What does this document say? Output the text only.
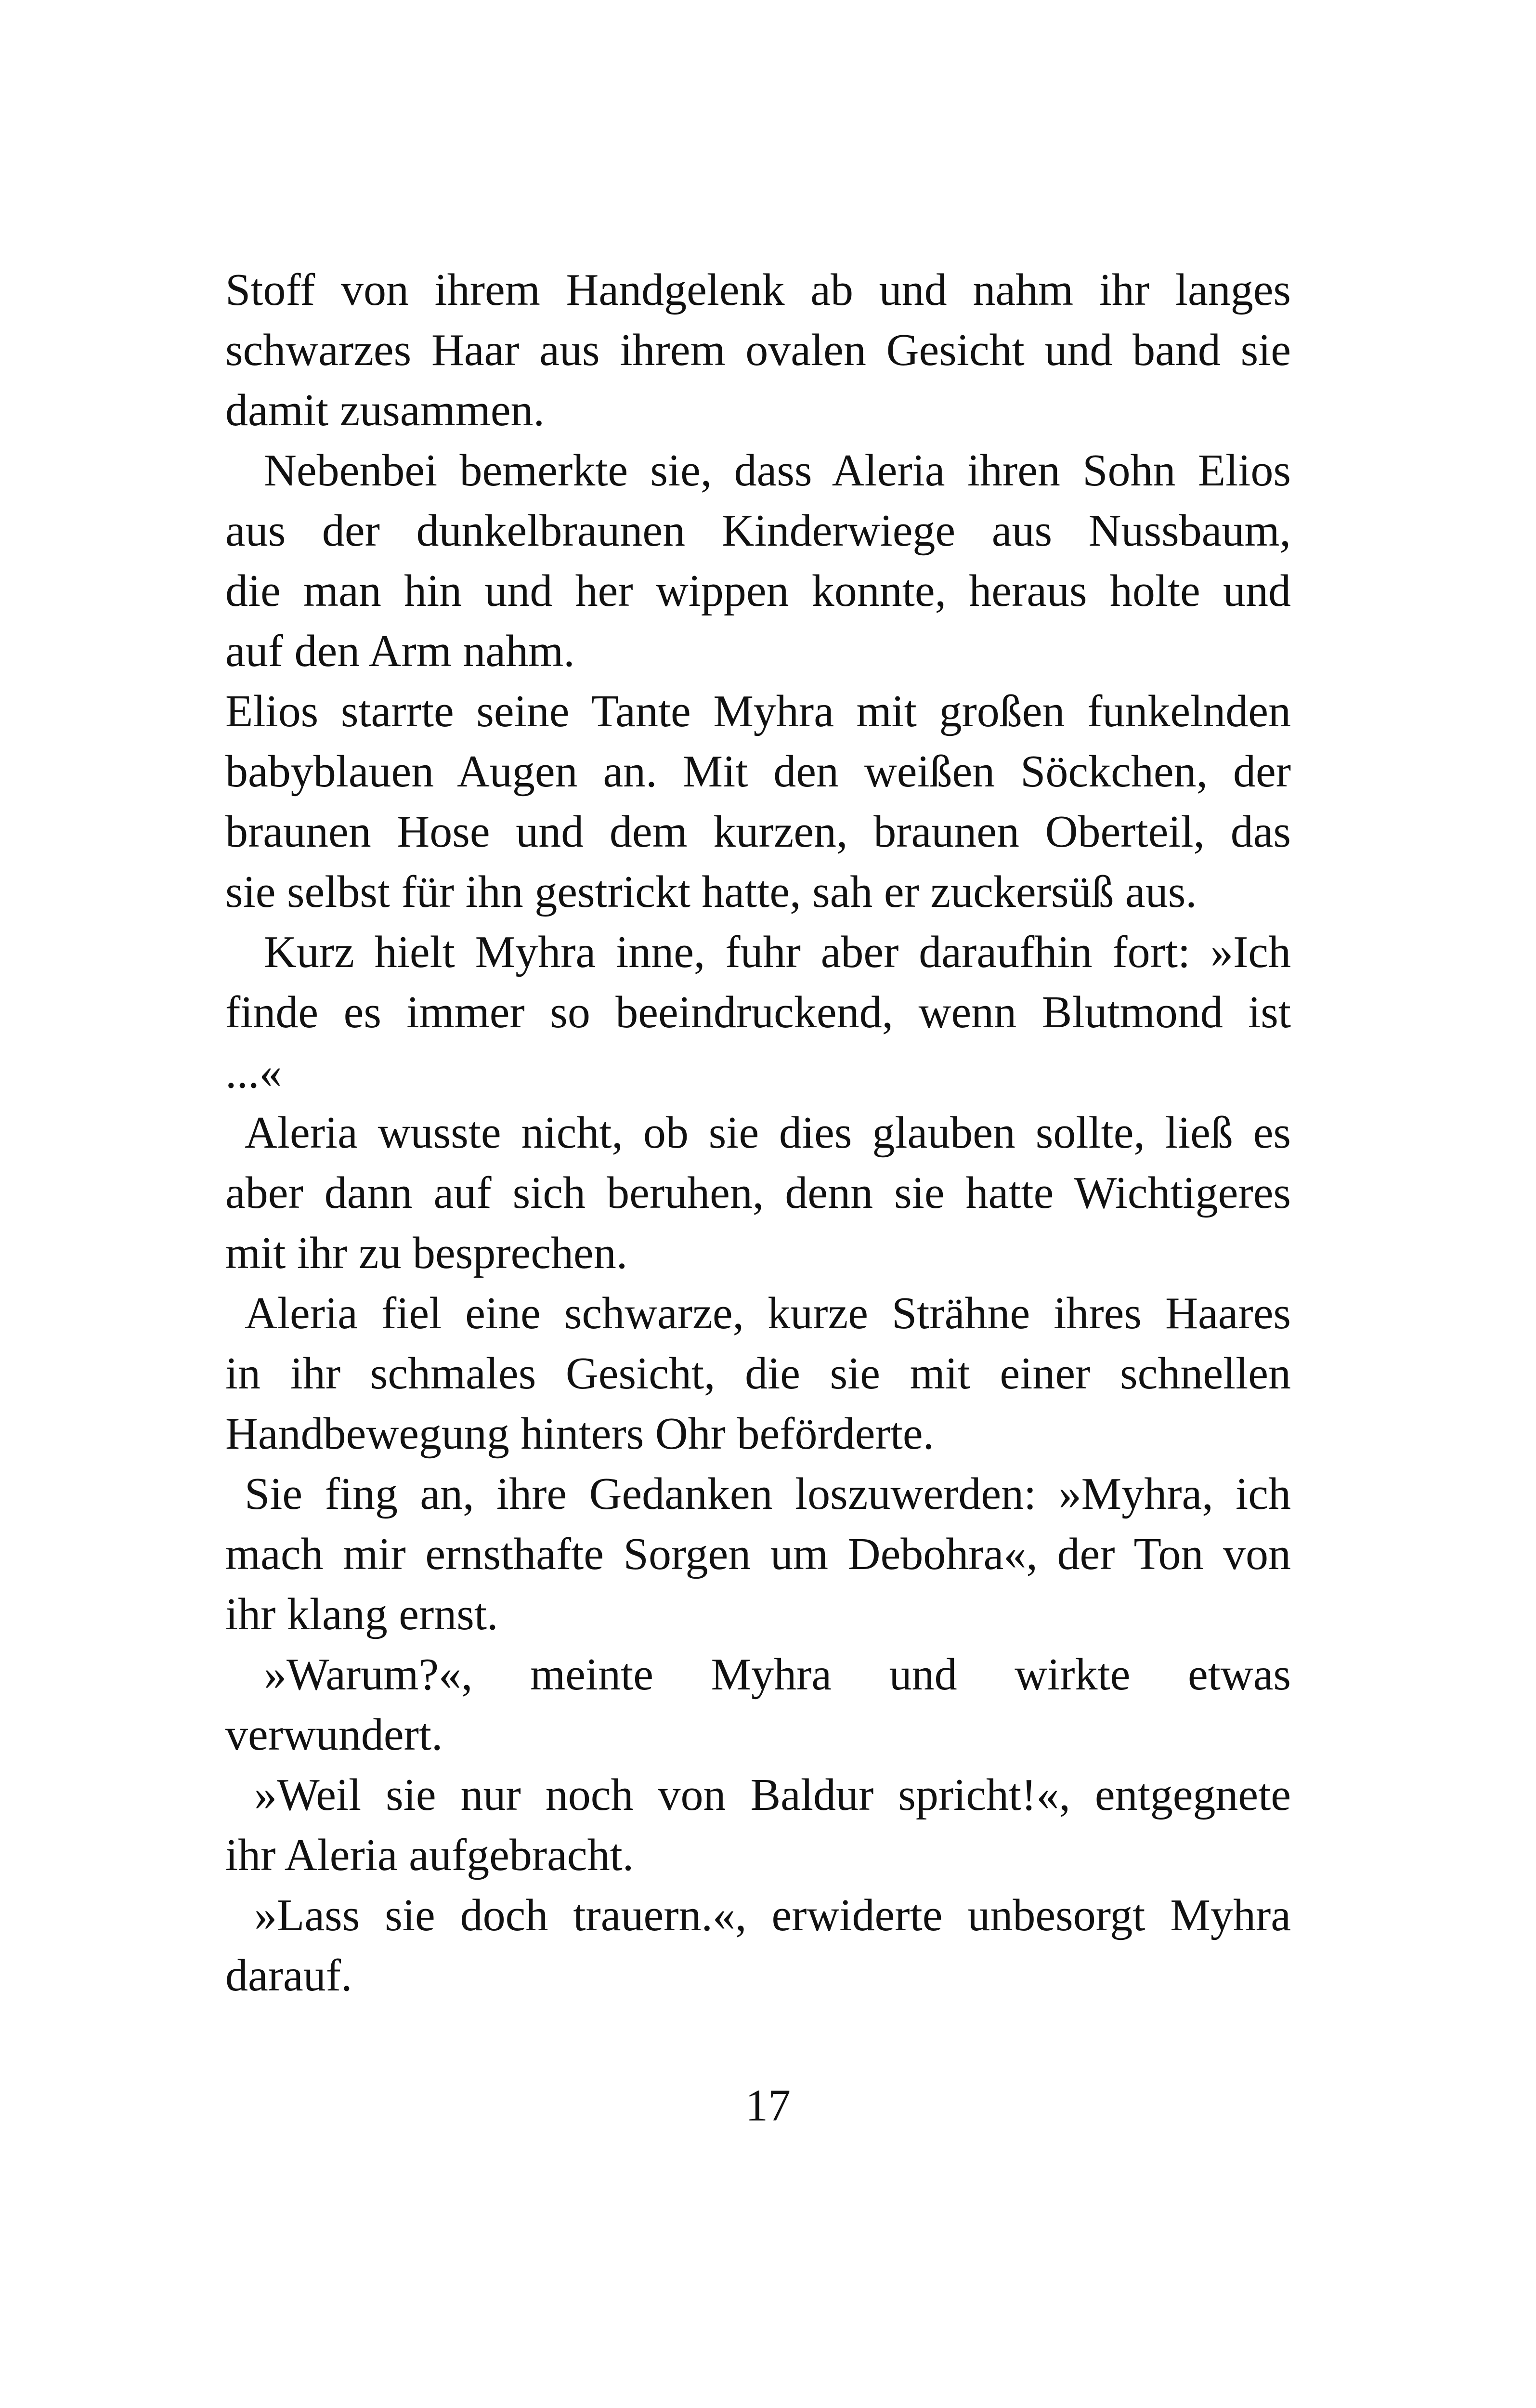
Stoff von ihrem Handgelenk ab und nahm ihr langes
schwarzes Haar aus ihrem ovalen Gesicht und band sie
damit zusammen.
Nebenbei bemerkte sie, dass Aleria ihren Sohn Elios
aus der dunkelbraunen Kinderwiege aus Nussbaum,
die man hin und her wippen konnte, heraus holte und
auf den Arm nahm.
Elios starrte seine Tante Myhra mit großen funkelnden
babyblauen Augen an. Mit den weißen Söckchen, der
braunen Hose und dem kurzen, braunen Oberteil, das
sie selbst für ihn gestrickt hatte, sah er zuckersüß aus.
Kurz hielt Myhra inne, fuhr aber daraufhin fort: »Ich
finde es immer so beeindruckend, wenn Blutmond ist
...«
Aleria wusste nicht, ob sie dies glauben sollte, ließ es
aber dann auf sich beruhen, denn sie hatte Wichtigeres
mit ihr zu besprechen.
Aleria fiel eine schwarze, kurze Strähne ihres Haares
in ihr schmales Gesicht, die sie mit einer schnellen
Handbewegung hinters Ohr beförderte.
Sie fing an, ihre Gedanken loszuwerden: »Myhra, ich
mach mir ernsthafte Sorgen um Debohra«, der Ton von
ihr klang ernst.
»Warum?«, meinte Myhra und wirkte etwas
verwundert.
»Weil sie nur noch von Baldur spricht!«, entgegnete
ihr Aleria aufgebracht.
»Lass sie doch trauern.«, erwiderte unbesorgt Myhra
darauf.
17
